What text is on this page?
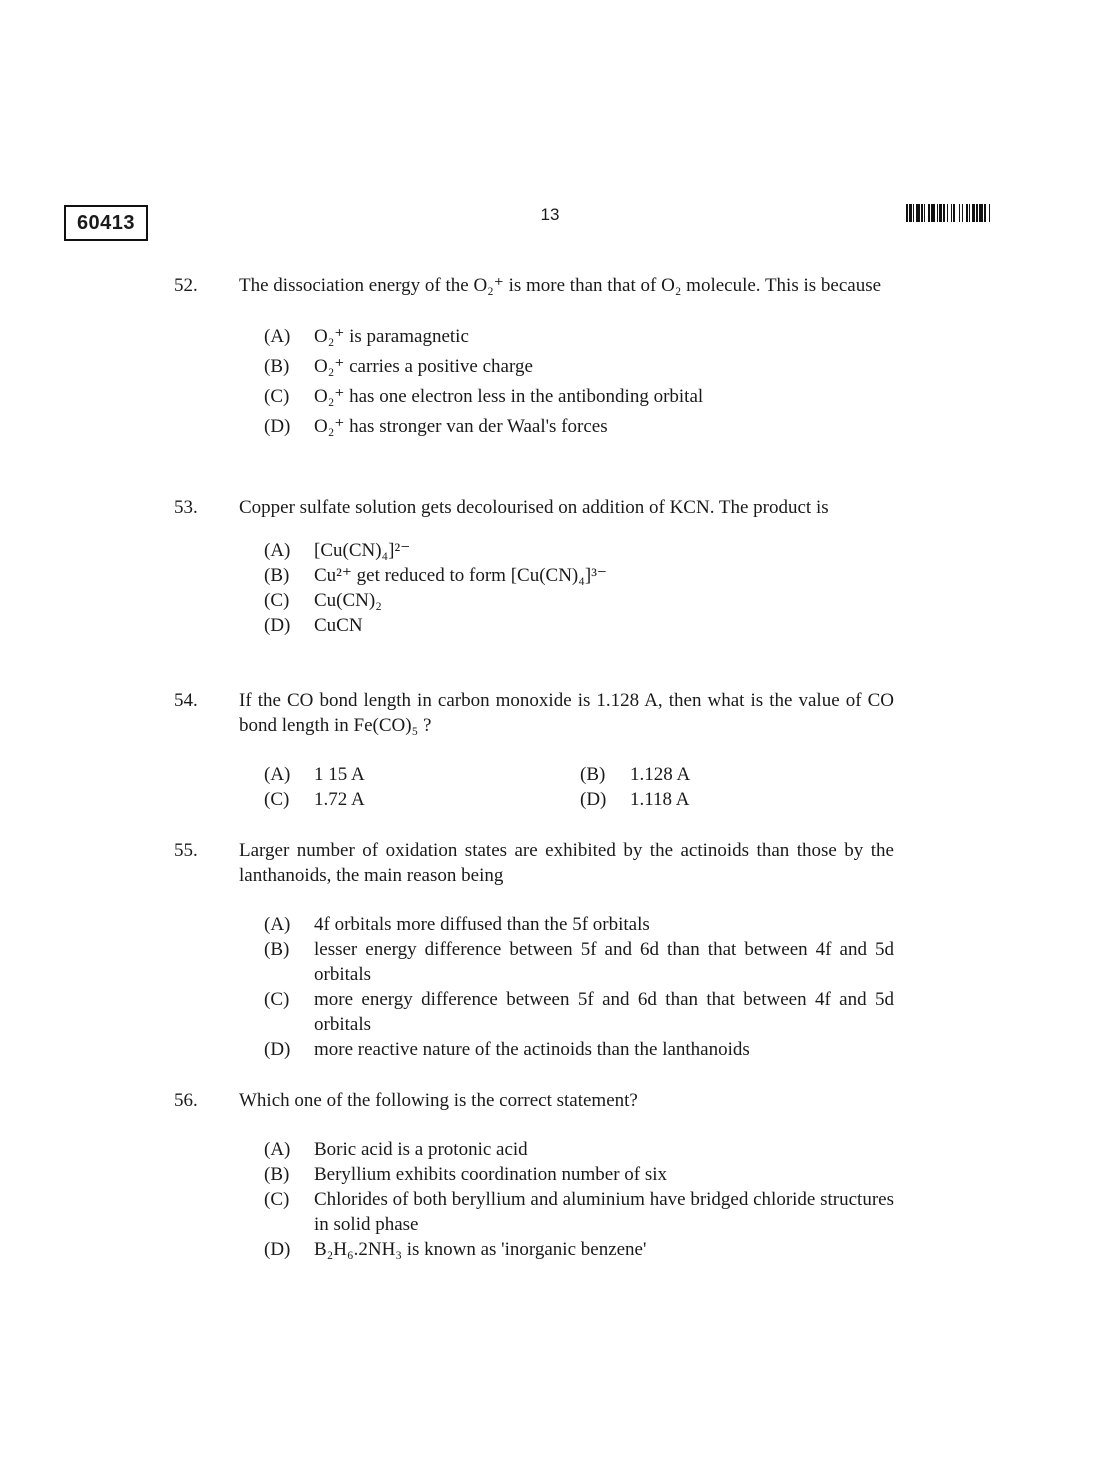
60413	13
52. The dissociation energy of the O₂⁺ is more than that of O₂ molecule. This is because
(A) O₂⁺ is paramagnetic
(B) O₂⁺ carries a positive charge
(C) O₂⁺ has one electron less in the antibonding orbital
(D) O₂⁺ has stronger van der Waal's forces
53. Copper sulfate solution gets decolourised on addition of KCN. The product is
(A) [Cu(CN)₄]²⁻
(B) Cu²⁺ get reduced to form [Cu(CN)₄]³⁻
(C) Cu(CN)₂
(D) CuCN
54. If the CO bond length in carbon monoxide is 1.128 A, then what is the value of CO bond length in Fe(CO)₅ ?
(A) 1 15 A	(B) 1.128 A
(C) 1.72 A	(D) 1.118 A
55. Larger number of oxidation states are exhibited by the actinoids than those by the lanthanoids, the main reason being
(A) 4f orbitals more diffused than the 5f orbitals
(B) lesser energy difference between 5f and 6d than that between 4f and 5d orbitals
(C) more energy difference between 5f and 6d than that between 4f and 5d orbitals
(D) more reactive nature of the actinoids than the lanthanoids
56. Which one of the following is the correct statement?
(A) Boric acid is a protonic acid
(B) Beryllium exhibits coordination number of six
(C) Chlorides of both beryllium and aluminium have bridged chloride structures in solid phase
(D) B₂H₆.2NH₃ is known as 'inorganic benzene'
